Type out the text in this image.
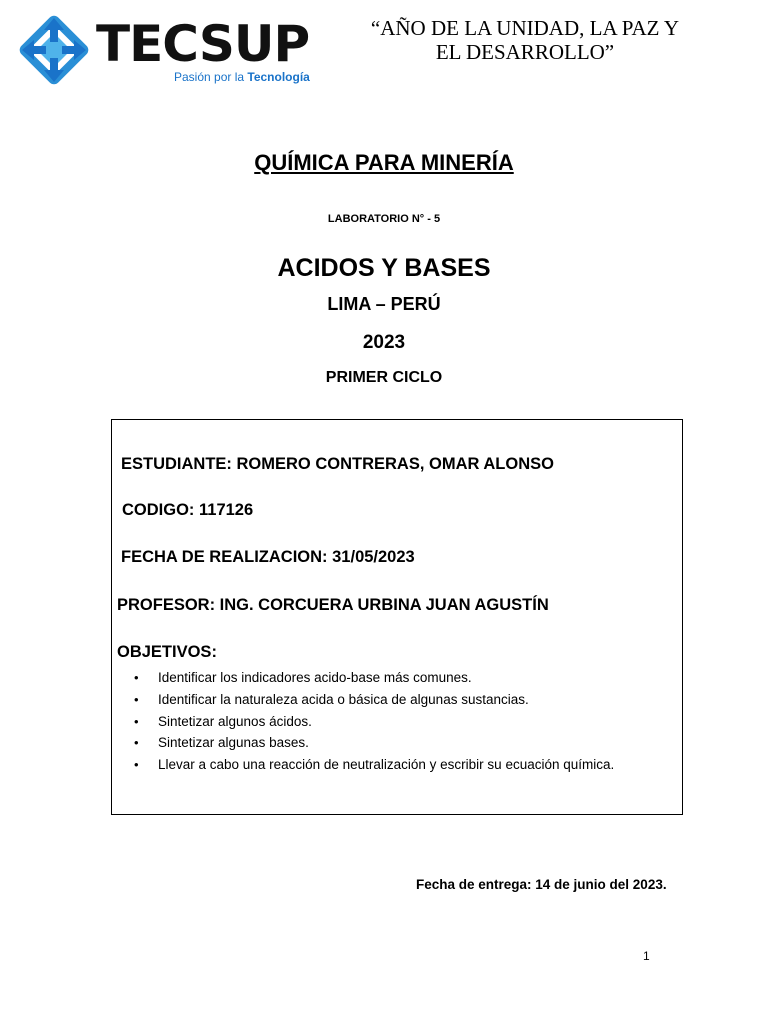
TECSUP
Pasión por la Tecnología
“AÑO DE LA UNIDAD, LA PAZ Y
EL DESARROLLO”
QUÍMICA PARA MINERÍA
LABORATORIO N° - 5
ACIDOS Y BASES
LIMA – PERÚ
2023
PRIMER CICLO
ESTUDIANTE: ROMERO CONTRERAS, OMAR ALONSO
CODIGO: 117126
FECHA DE REALIZACION: 31/05/2023
PROFESOR: ING. CORCUERA URBINA JUAN AGUSTÍN
OBJETIVOS:
• Identificar los indicadores acido-base más comunes.
• Identificar la naturaleza acida o básica de algunas sustancias.
• Sintetizar algunos ácidos.
• Sintetizar algunas bases.
• Llevar a cabo una reacción de neutralización y escribir su ecuación química.
Fecha de entrega: 14 de junio del 2023.
1
